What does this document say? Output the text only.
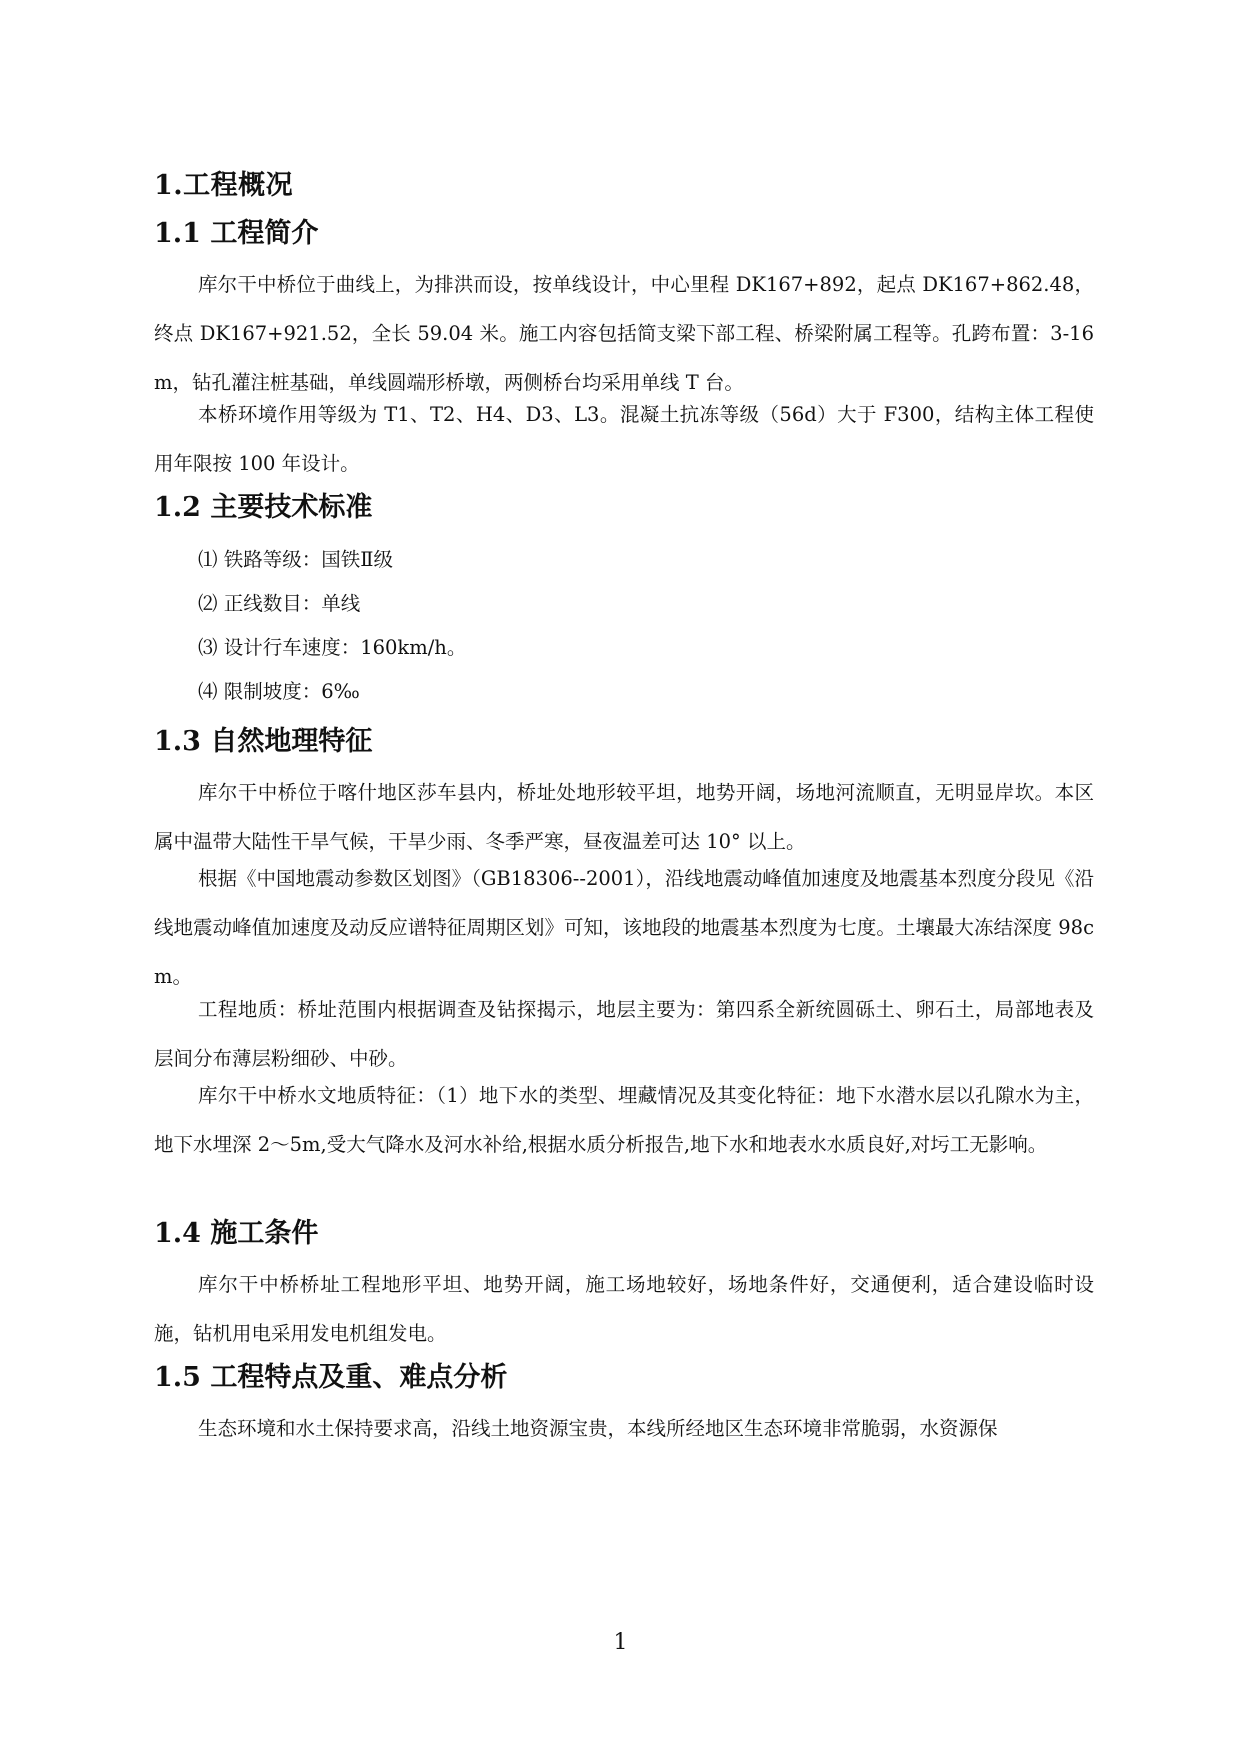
1.工程概况
1.1 工程简介

库尔干中桥位于曲线上，为排洪而设，按单线设计，中心里程 DK167+892，起点 DK167+862.48，终点 DK167+921.52，全长 59.04 米。施工内容包括简支梁下部工程、桥梁附属工程等。孔跨布置：3-16m，钻孔灌注桩基础，单线圆端形桥墩，两侧桥台均采用单线 T 台。

本桥环境作用等级为 T1、T2、H4、D3、L3。混凝土抗冻等级（56d）大于 F300，结构主体工程使用年限按 100 年设计。

1.2 主要技术标准
⑴ 铁路等级：国铁Ⅱ级
⑵ 正线数目：单线
⑶ 设计行车速度：160km/h。
⑷ 限制坡度：6‰
1.3 自然地理特征

库尔干中桥位于喀什地区莎车县内，桥址处地形较平坦，地势开阔，场地河流顺直，无明显岸坎。本区属中温带大陆性干旱气候，干旱少雨、冬季严寒，昼夜温差可达 10° 以上。

根据《中国地震动参数区划图》（GB18306--2001），沿线地震动峰值加速度及地震基本烈度分段见《沿线地震动峰值加速度及动反应谱特征周期区划》可知，该地段的地震基本烈度为七度。土壤最大冻结深度 98cm。

工程地质：桥址范围内根据调查及钻探揭示，地层主要为：第四系全新统圆砾土、卵石土，局部地表及层间分布薄层粉细砂、中砂。

库尔干中桥水文地质特征：（1）地下水的类型、埋藏情况及其变化特征：地下水潜水层以孔隙水为主，地下水埋深 2～5m,受大气降水及河水补给,根据水质分析报告,地下水和地表水水质良好,对圬工无影响。

1.4 施工条件

库尔干中桥桥址工程地形平坦、地势开阔，施工场地较好，场地条件好，交通便利，适合建设临时设施，钻机用电采用发电机组发电。

1.5 工程特点及重、难点分析

生态环境和水土保持要求高，沿线土地资源宝贵，本线所经地区生态环境非常脆弱，水资源保

1
